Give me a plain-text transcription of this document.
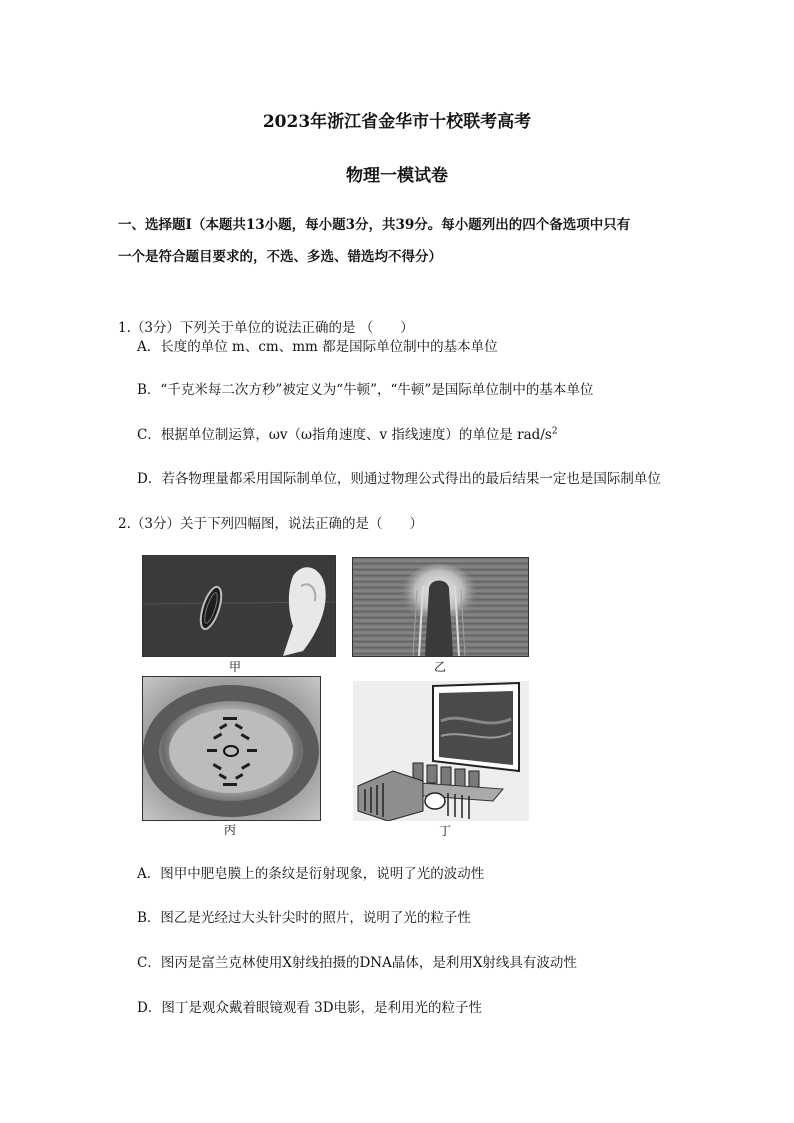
2023年浙江省金华市十校联考高考
物理一模试卷
一、选择题Ⅰ（本题共13小题，每小题3分，共39分。每小题列出的四个备选项中只有
一个是符合题目要求的，不选、多选、错选均不得分）
1.（3分）下列关于单位的说法正确的是 （　　）
A．长度的单位 m、cm、mm 都是国际单位制中的基本单位
B．“千克米每二次方秒”被定义为“牛顿”，“牛顿”是国际单位制中的基本单位
C．根据单位制运算，ωv（ω指角速度、v 指线速度）的单位是 rad/$s^2$
D．若各物理量都采用国际制单位，则通过物理公式得出的最后结果一定也是国际制单位
2.（3分）关于下列四幅图，说法正确的是（　　）
甲	乙
丙	丁
A．图甲中肥皂膜上的条纹是衍射现象，说明了光的波动性
B．图乙是光经过大头针尖时的照片，说明了光的粒子性
C．图丙是富兰克林使用X射线拍摄的DNA晶体，是利用X射线具有波动性
D．图丁是观众戴着眼镜观看 3D电影，是利用光的粒子性
